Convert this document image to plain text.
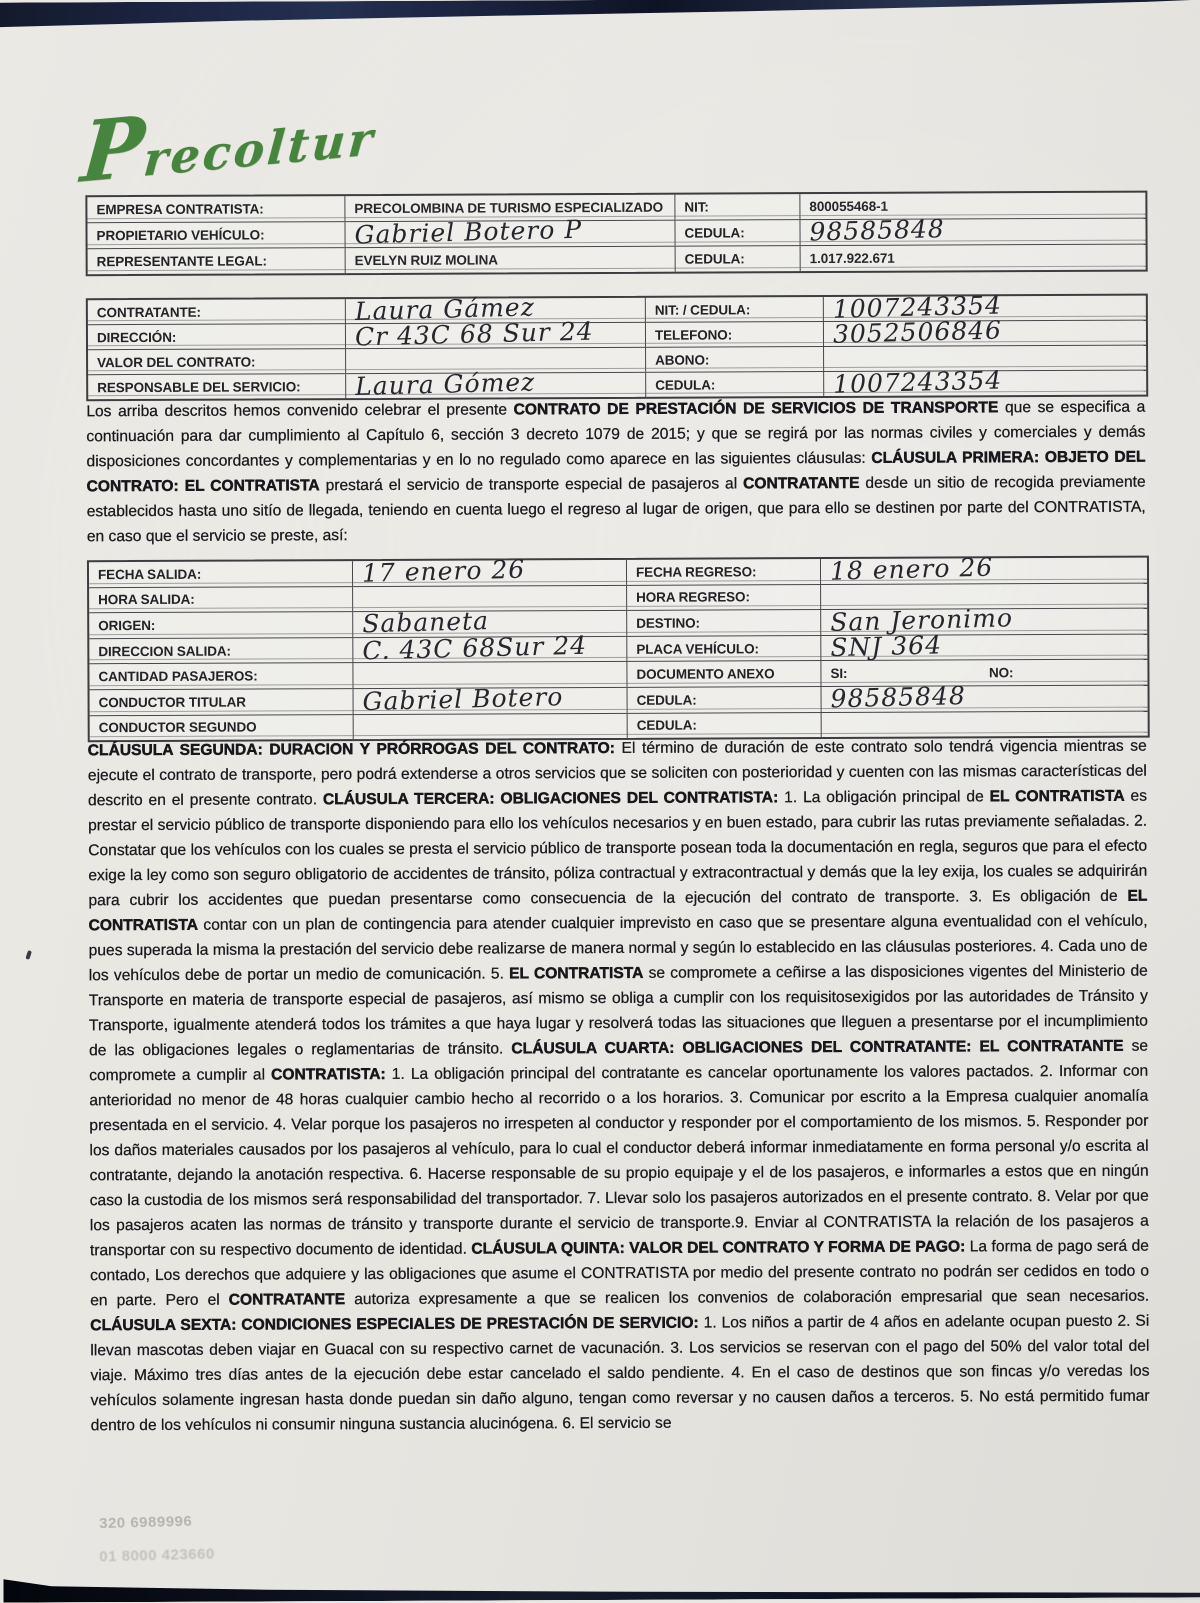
Precoltur
EMPRESA CONTRATISTA:	PRECOLOMBINA DE TURISMO ESPECIALIZADO NIT:	800055468-1
PROPIETARIO VEHÍCULO:	Gabriel Botero P	CEDULA:	98585848
REPRESENTANTE LEGAL:	EVELYN RUIZ MOLINA	CEDULA:	1.017.922.671
CONTRATANTE:	Laura Gámez	NIT: / CEDULA:	1007243354
DIRECCIÓN:	Cr 43C 68 Sur 24	TELEFONO:	3052506846
VALOR DEL CONTRATO:	ABONO:
RESPONSABLE DEL SERVICIO: Laura Gómez	CEDULA:	1007243354
Los arriba descritos hemos convenido celebrar el presente CONTRATO DE PRESTACIÓN DE SERVICIOS DE TRANSPORTE que se especifica a continuación para dar cumplimiento al Capítulo 6, sección 3 decreto 1079 de 2015; y que se regirá por las normas civiles y comerciales y demás disposiciones concordantes y complementarias y en lo no regulado como aparece en las siguientes cláusulas: CLÁUSULA PRIMERA: OBJETO DEL CONTRATO: EL CONTRATISTA prestará el servicio de transporte especial de pasajeros al CONTRATANTE desde un sitio de recogida previamente establecidos hasta uno sitío de llegada, teniendo en cuenta luego el regreso al lugar de origen, que para ello se destinen por parte del CONTRATISTA, en caso que el servicio se preste, así:
FECHA SALIDA:	17 enero 26	FECHA REGRESO:	18 enero 26
HORA SALIDA:	HORA REGRESO:
ORIGEN:	Sabaneta	DESTINO:	San Jeronimo
DIRECCION SALIDA:	C. 43C 68Sur 24	PLACA VEHÍCULO:	SNJ 364
CANTIDAD PASAJEROS:	DOCUMENTO ANEXO	SI:	NO:
CONDUCTOR TITULAR	Gabriel Botero	CEDULA:	98585848
CONDUCTOR SEGUNDO	CEDULA:
CLÁUSULA SEGUNDA: DURACION Y PRÓRROGAS DEL CONTRATO: El término de duración de este contrato solo tendrá vigencia mientras se ejecute el contrato de transporte, pero podrá extenderse a otros servicios que se soliciten con posterioridad y cuenten con las mismas características del descrito en el presente contrato. CLÁUSULA TERCERA: OBLIGACIONES DEL CONTRATISTA: 1. La obligación principal de EL CONTRATISTA es prestar el servicio público de transporte disponiendo para ello los vehículos necesarios y en buen estado, para cubrir las rutas previamente señaladas. 2. Constatar que los vehículos con los cuales se presta el servicio público de transporte posean toda la documentación en regla, seguros que para el efecto exige la ley como son seguro obligatorio de accidentes de tránsito, póliza contractual y extracontractual y demás que la ley exija, los cuales se adquirirán para cubrir los accidentes que puedan presentarse como consecuencia de la ejecución del contrato de transporte. 3. Es obligación de EL CONTRATISTA contar con un plan de contingencia para atender cualquier imprevisto en caso que se presentare alguna eventualidad con el vehículo, pues superada la misma la prestación del servicio debe realizarse de manera normal y según lo establecido en las cláusulas posteriores. 4. Cada uno de los vehículos debe de portar un medio de comunicación. 5. EL CONTRATISTA se compromete a ceñirse a las disposiciones vigentes del Ministerio de Transporte en materia de transporte especial de pasajeros, así mismo se obliga a cumplir con los requisitosexigidos por las autoridades de Tránsito y Transporte, igualmente atenderá todos los trámites a que haya lugar y resolverá todas las situaciones que lleguen a presentarse por el incumplimiento de las obligaciones legales o reglamentarias de tránsito. CLÁUSULA CUARTA: OBLIGACIONES DEL CONTRATANTE: EL CONTRATANTE se compromete a cumplir al CONTRATISTA: 1. La obligación principal del contratante es cancelar oportunamente los valores pactados. 2. Informar con anterioridad no menor de 48 horas cualquier cambio hecho al recorrido o a los horarios. 3. Comunicar por escrito a la Empresa cualquier anomalía presentada en el servicio. 4. Velar porque los pasajeros no irrespeten al conductor y responder por el comportamiento de los mismos. 5. Responder por los daños materiales causados por los pasajeros al vehículo, para lo cual el conductor deberá informar inmediatamente en forma personal y/o escrita al contratante, dejando la anotación respectiva. 6. Hacerse responsable de su propio equipaje y el de los pasajeros, e informarles a estos que en ningún caso la custodia de los mismos será responsabilidad del transportador. 7. Llevar solo los pasajeros autorizados en el presente contrato. 8. Velar por que los pasajeros acaten las normas de tránsito y transporte durante el servicio de transporte.9. Enviar al CONTRATISTA la relación de los pasajeros a transportar con su respectivo documento de identidad. CLÁUSULA QUINTA: VALOR DEL CONTRATO Y FORMA DE PAGO: La forma de pago será de contado, Los derechos que adquiere y las obligaciones que asume el CONTRATISTA por medio del presente contrato no podrán ser cedidos en todo o en parte. Pero el CONTRATANTE autoriza expresamente a que se realicen los convenios de colaboración empresarial que sean necesarios. CLÁUSULA SEXTA: CONDICIONES ESPECIALES DE PRESTACIÓN DE SERVICIO: 1. Los niños a partir de 4 años en adelante ocupan puesto 2. Si llevan mascotas deben viajar en Guacal con su respectivo carnet de vacunación. 3. Los servicios se reservan con el pago del 50% del valor total del viaje. Máximo tres días antes de la ejecución debe estar cancelado el saldo pendiente. 4. En el caso de destinos que son fincas y/o veredas los vehículos solamente ingresan hasta donde puedan sin daño alguno, tengan como reversar y no causen daños a terceros. 5. No está permitido fumar dentro de los vehículos ni consumir ninguna sustancia alucinógena. 6. El servicio se
320 6989996
01 8000 423660
